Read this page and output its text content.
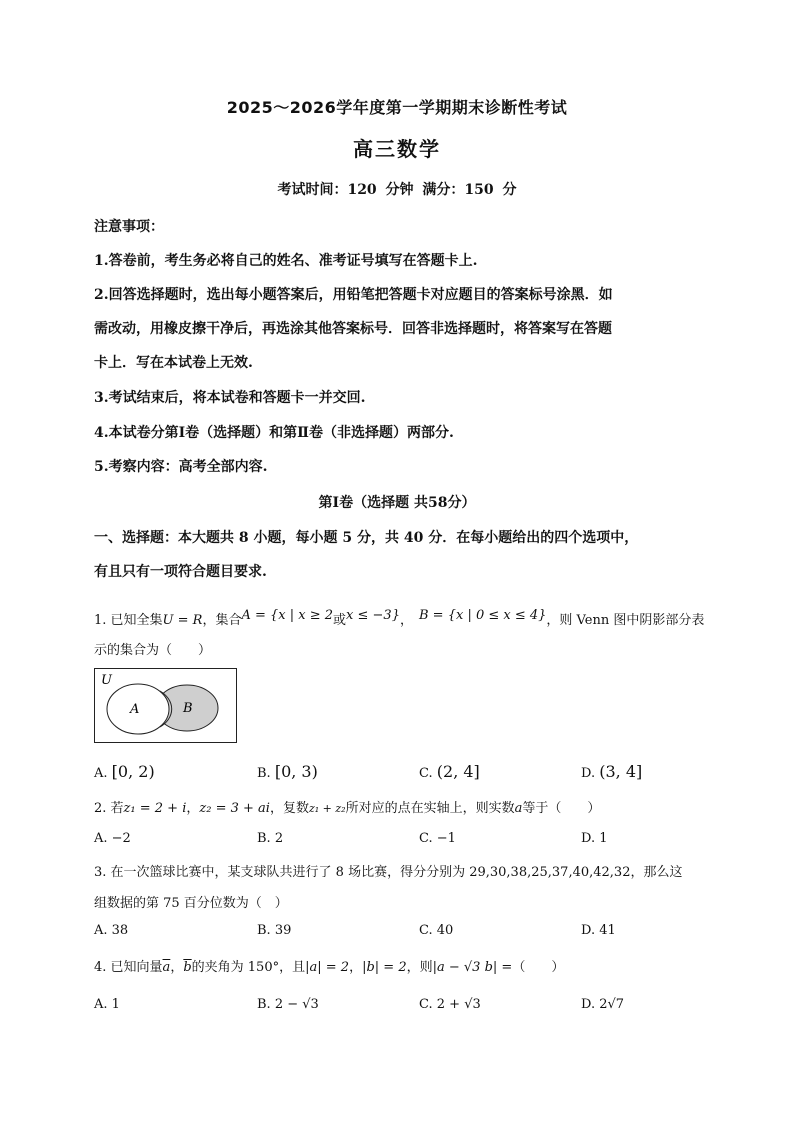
2025～2026学年度第一学期期末诊断性考试
高三数学
考试时间：120 分钟 满分：150 分
注意事项：
1.答卷前，考生务必将自己的姓名、准考证号填写在答题卡上.
2.回答选择题时，选出每小题答案后，用铅笔把答题卡对应题目的答案标号涂黑．如
需改动，用橡皮擦干净后，再选涂其他答案标号．回答非选择题时，将答案写在答题
卡上．写在本试卷上无效.
3.考试结束后，将本试卷和答题卡一并交回.
4.本试卷分第Ⅰ卷（选择题）和第Ⅱ卷（非选择题）两部分.
5.考察内容：高考全部内容.
第Ⅰ卷（选择题 共58分）
一、选择题：本大题共 8 小题，每小题 5 分，共 40 分．在每小题给出的四个选项中，
有且只有一项符合题目要求.
1. 已知全集U = R，集合A = {x | x ≥ 2或x ≤ −3}， B = {x | 0 ≤ x ≤ 4}，则 Venn 图中阴影部分表
示的集合为（　　）
U
A	B
A. [0, 2)	B. [0, 3)	C. (2, 4]	D. (3, 4]
2. 若z₁ = 2 + i，z₂ = 3 + ai，复数z₁ + z₂所对应的点在实轴上，则实数a等于（　　）
A. −2	B. 2	C. −1	D. 1
3. 在一次篮球比赛中，某支球队共进行了 8 场比赛，得分分别为 29,30,38,25,37,40,42,32，那么这
组数据的第 75 百分位数为（　）
A. 38	B. 39	C. 40	D. 41
4. 已知向量$\overline{a}$，$\overline{b}$的夹角为 150°，且|a| = 2，|b| = 2，则|a − √3 b| =（　　）
A. 1	B. 2 − √3	C. 2 + √3	D. 2√7
